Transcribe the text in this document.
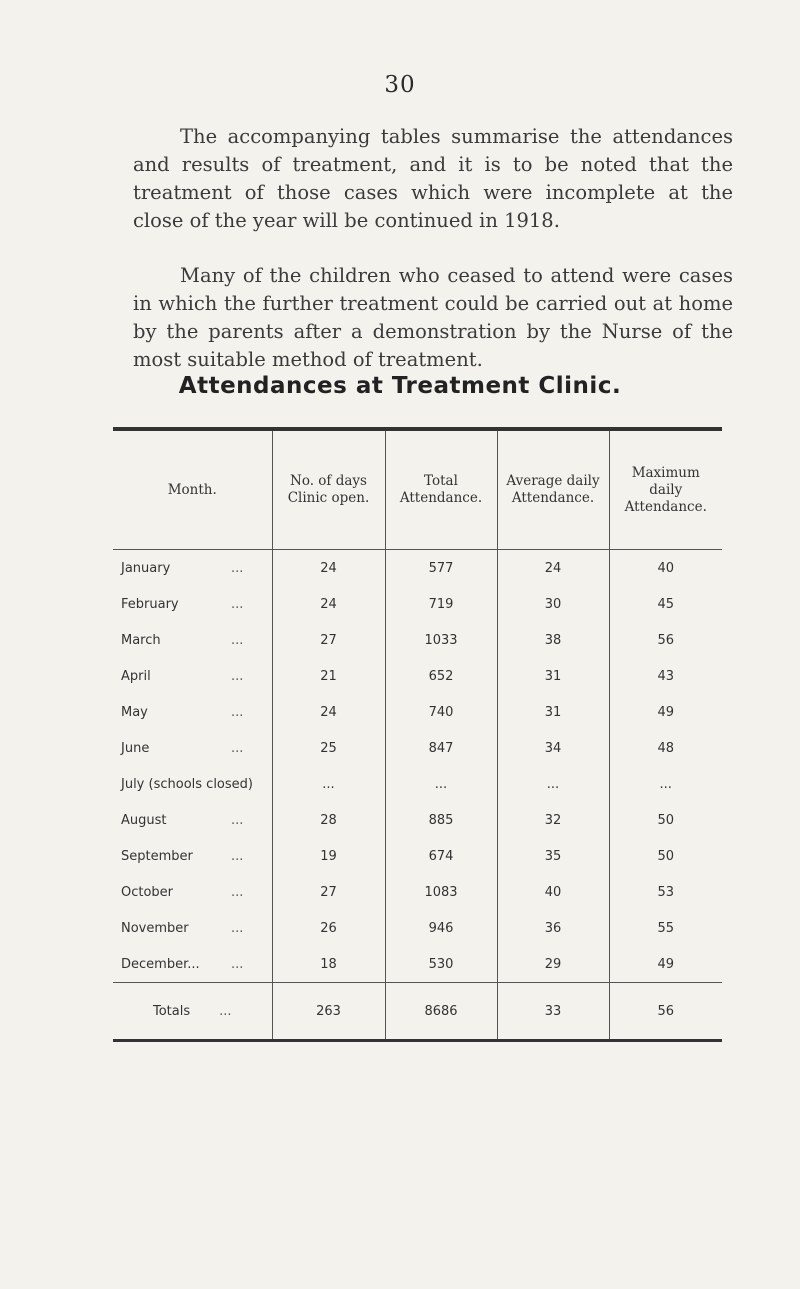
30

The accompanying tables summarise the attendances and results of treatment, and it is to be noted that the treatment of those cases which were incomplete at the close of the year will be continued in 1918.

Many of the children who ceased to attend were cases in which the further treatment could be carried out at home by the parents after a demonstration by the Nurse of the most suitable method of treatment.

Attendances at Treatment Clinic.
Month.	No. of days Clinic open.	Total Attendance.	Average daily Attendance.	Maximum daily Attendance.
January ...	24	577	24	40
February ...	24	719	30	45
March ...	27	1033	38	56
April ...	21	652	31	43
May ...	24	740	31	49
June ...	25	847	34	48
July (schools closed)	...	...	...	...
August ...	28	885	32	50
September ...	19	674	35	50
October ...	27	1083	40	53
November ...	26	946	36	55
December... ...	18	530	29	49
Totals ...	263	8686	33	56
